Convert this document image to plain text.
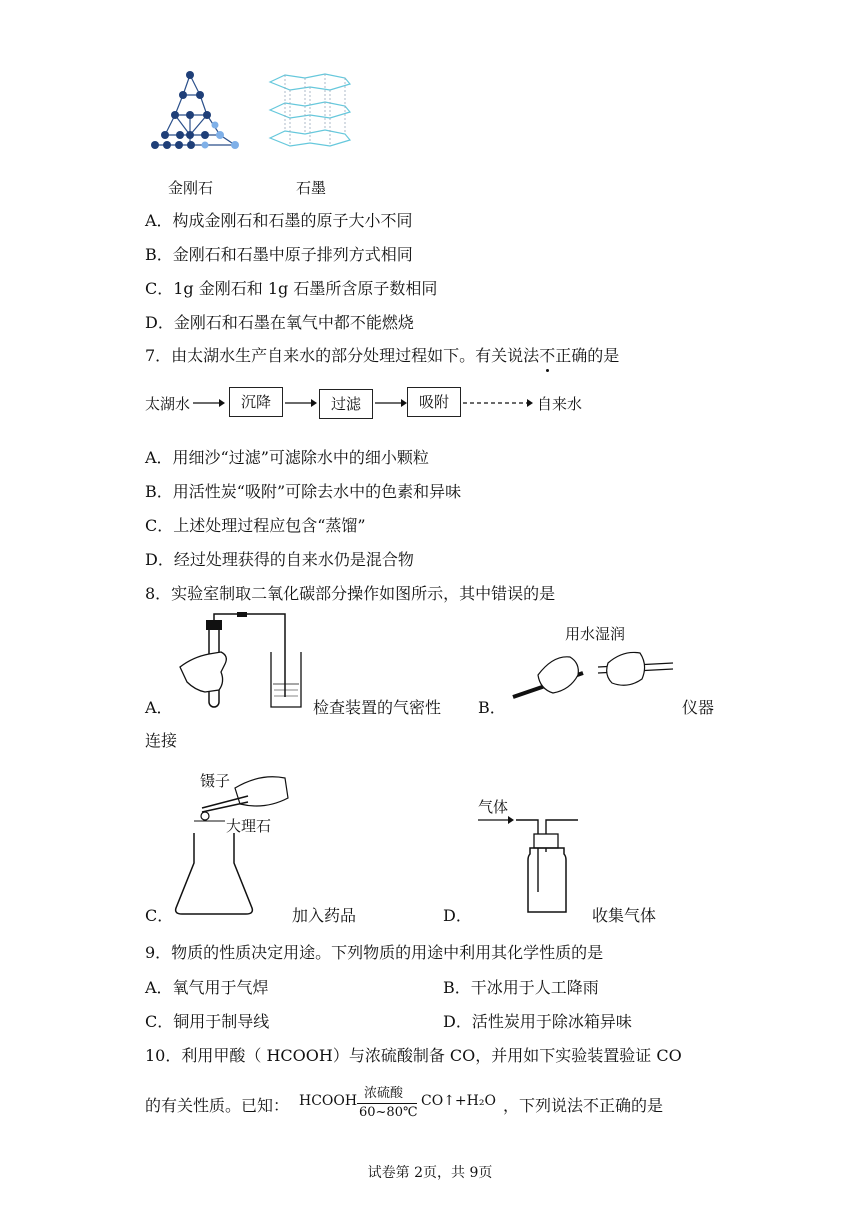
金刚石	石墨
A．构成金刚石和石墨的原子大小不同
B．金刚石和石墨中原子排列方式相同
C．1g 金刚石和 1g 石墨所含原子数相同
D．金刚石和石墨在氧气中都不能燃烧
7．由太湖水生产自来水的部分处理过程如下。有关说法不正确的是
太湖水	沉降	过滤	吸附	自来水
A．用细沙“过滤”可滤除水中的细小颗粒
B．用活性炭“吸附”可除去水中的色素和异味
C．上述处理过程应包含“蒸馏”
D．经过处理获得的自来水仍是混合物
8．实验室制取二氧化碳部分操作如图所示，其中错误的是
A．	检查装置的气密性
用水湿润
B．	仪器
连接
镊子
大理石
C．	加入药品
气体
D．	收集气体
9．物质的性质决定用途。下列物质的用途中利用其化学性质的是
A．氧气用于气焊	B．干冰用于人工降雨
C．铜用于制导线	D．活性炭用于除冰箱异味
10．利用甲酸（ HCOOH）与浓硫酸制备 CO，并用如下实验装置验证 CO
的有关性质。已知： HCOOH 浓硫酸
60~80℃
CO↑+H₂O ，下列说法不正确的是
试卷第 2页，共 9页
